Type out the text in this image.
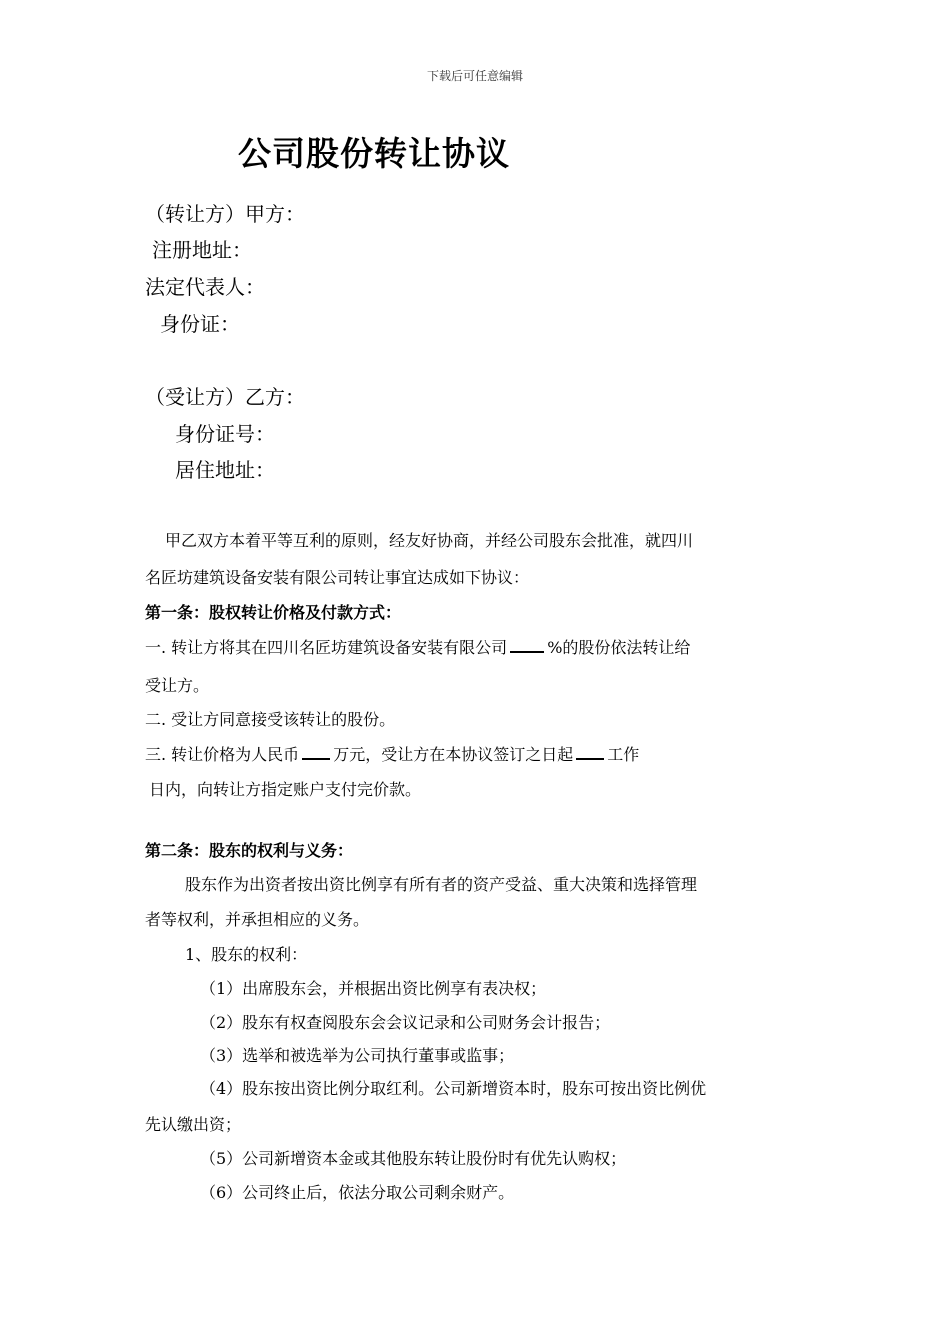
下载后可任意编辑
公司股份转让协议
（转让方）甲方：
注册地址：
法定代表人：
身份证：
（受让方）乙方：
身份证号：
居住地址：
甲乙双方本着平等互利的原则，经友好协商，并经公司股东会批准，就四川
名匠坊建筑设备安装有限公司转让事宜达成如下协议：
第一条：股权转让价格及付款方式：
一. 转让方将其在四川名匠坊建筑设备安装有限公司	%的股份依法转让给
受让方。
二. 受让方同意接受该转让的股份。
三. 转让价格为人民币 万元，受让方在本协议签订之日起 工作
日内，向转让方指定账户支付完价款。
第二条：股东的权利与义务：
股东作为出资者按出资比例享有所有者的资产受益、重大决策和选择管理
者等权利，并承担相应的义务。
1、股东的权利：
（1）出席股东会，并根据出资比例享有表决权；
（2）股东有权查阅股东会会议记录和公司财务会计报告；
（3）选举和被选举为公司执行董事或监事；
（4）股东按出资比例分取红利。公司新增资本时，股东可按出资比例优
先认缴出资；
（5）公司新增资本金或其他股东转让股份时有优先认购权；
（6）公司终止后，依法分取公司剩余财产。
